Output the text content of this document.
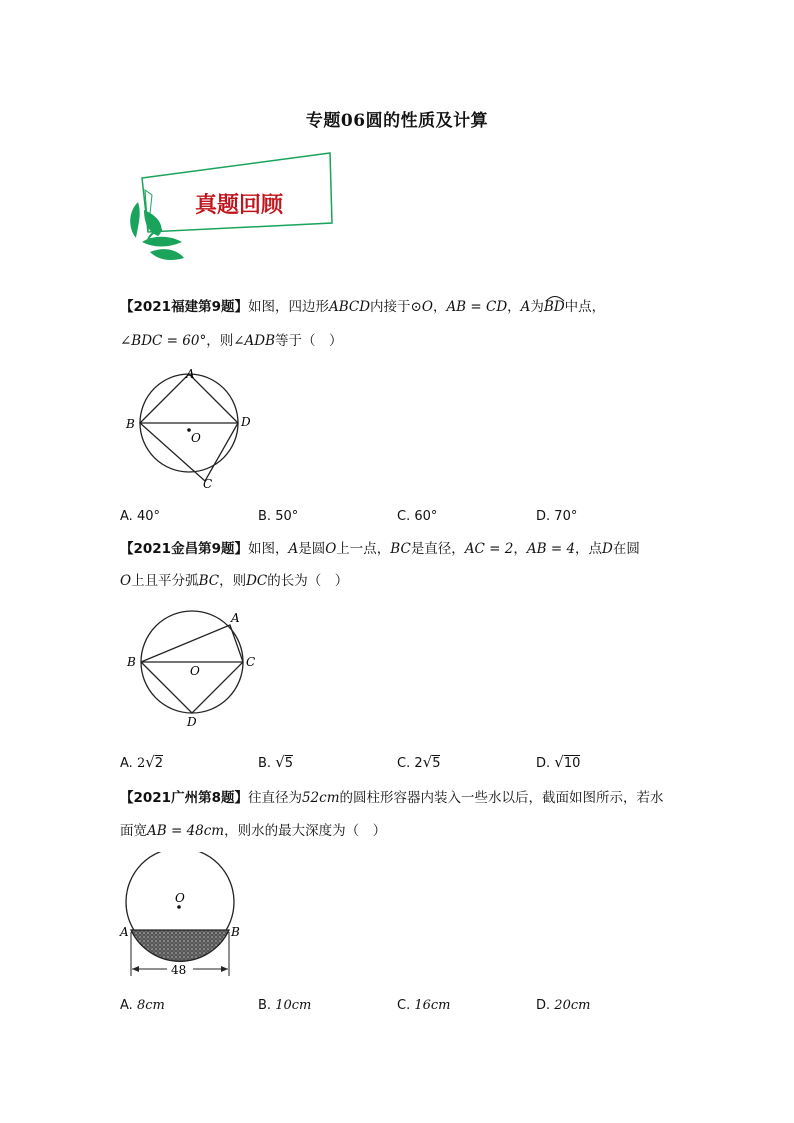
专题06圆的性质及计算
真题回顾
【2021福建第9题】如图，四边形ABCD内接于⊙O，AB = CD，A为BD
中点，
∠BDC = 60°，则∠ADB等于（　）
A
B
C
D
O
A. 40°	B. 50°	C. 60°	D. 70°
【2021金昌第9题】如图，A是圆O上一点，BC是直径，AC = 2，AB = 4，点D在圆
O上且平分弧BC，则DC的长为（　）
A
B	C
D
O
A. 2√2	B. √5	C. 2√5	D. √10
【2021广州第8题】往直径为52cm的圆柱形容器内装入一些水以后，截面如图所示，若水
面宽AB = 48cm，则水的最大深度为（　）
48
A	B
O
A. 8cm	B. 10cm	C. 16cm	D. 20cm
